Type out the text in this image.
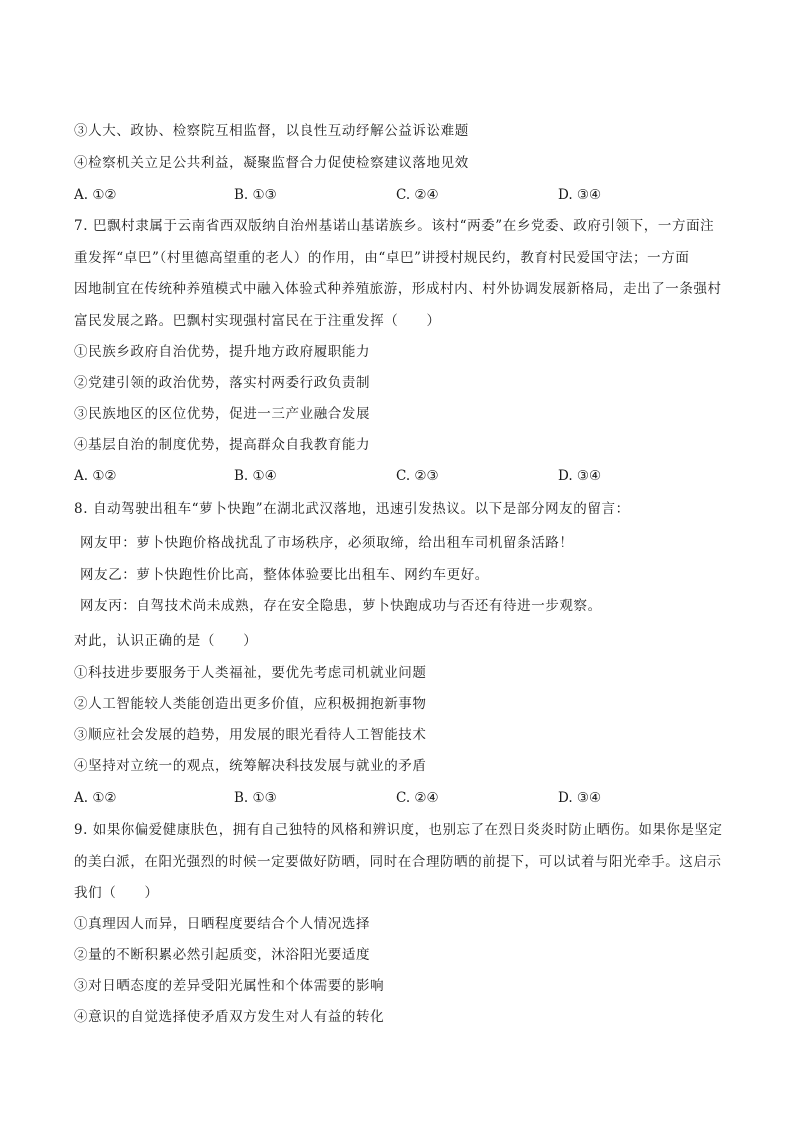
③人大、政协、检察院互相监督，以良性互动纾解公益诉讼难题
④检察机关立足公共利益，凝聚监督合力促使检察建议落地见效
A. ①②	B. ①③	C. ②④	D. ③④
7. 巴飘村隶属于云南省西双版纳自治州基诺山基诺族乡。该村“两委”在乡党委、政府引领下，一方面注
重发挥“卓巴”（村里德高望重的老人）的作用，由“卓巴”讲授村规民约，教育村民爱国守法；一方面
因地制宜在传统种养殖模式中融入体验式种养殖旅游，形成村内、村外协调发展新格局，走出了一条强村
富民发展之路。巴飘村实现强村富民在于注重发挥（　　）
①民族乡政府自治优势，提升地方政府履职能力
②党建引领的政治优势，落实村两委行政负责制
③民族地区的区位优势，促进一三产业融合发展
④基层自治的制度优势，提高群众自我教育能力
A. ①②	B. ①④	C. ②③	D. ③④
8. 自动驾驶出租车“萝卜快跑”在湖北武汉落地，迅速引发热议。以下是部分网友的留言：
网友甲：萝卜快跑价格战扰乱了市场秩序，必须取缔，给出租车司机留条活路！
网友乙：萝卜快跑性价比高，整体体验要比出租车、网约车更好。
网友丙：自驾技术尚未成熟，存在安全隐患，萝卜快跑成功与否还有待进一步观察。
对此，认识正确的是（　　）
①科技进步要服务于人类福祉，要优先考虑司机就业问题
②人工智能较人类能创造出更多价值，应积极拥抱新事物
③顺应社会发展的趋势，用发展的眼光看待人工智能技术
④坚持对立统一的观点，统筹解决科技发展与就业的矛盾
A. ①②	B. ①③	C. ②④	D. ③④
9. 如果你偏爱健康肤色，拥有自己独特的风格和辨识度，也别忘了在烈日炎炎时防止晒伤。如果你是坚定
的美白派，在阳光强烈的时候一定要做好防晒，同时在合理防晒的前提下，可以试着与阳光牵手。这启示
我们（　　）
①真理因人而异，日晒程度要结合个人情况选择
②量的不断积累必然引起质变，沐浴阳光要适度
③对日晒态度的差异受阳光属性和个体需要的影响
④意识的自觉选择使矛盾双方发生对人有益的转化
